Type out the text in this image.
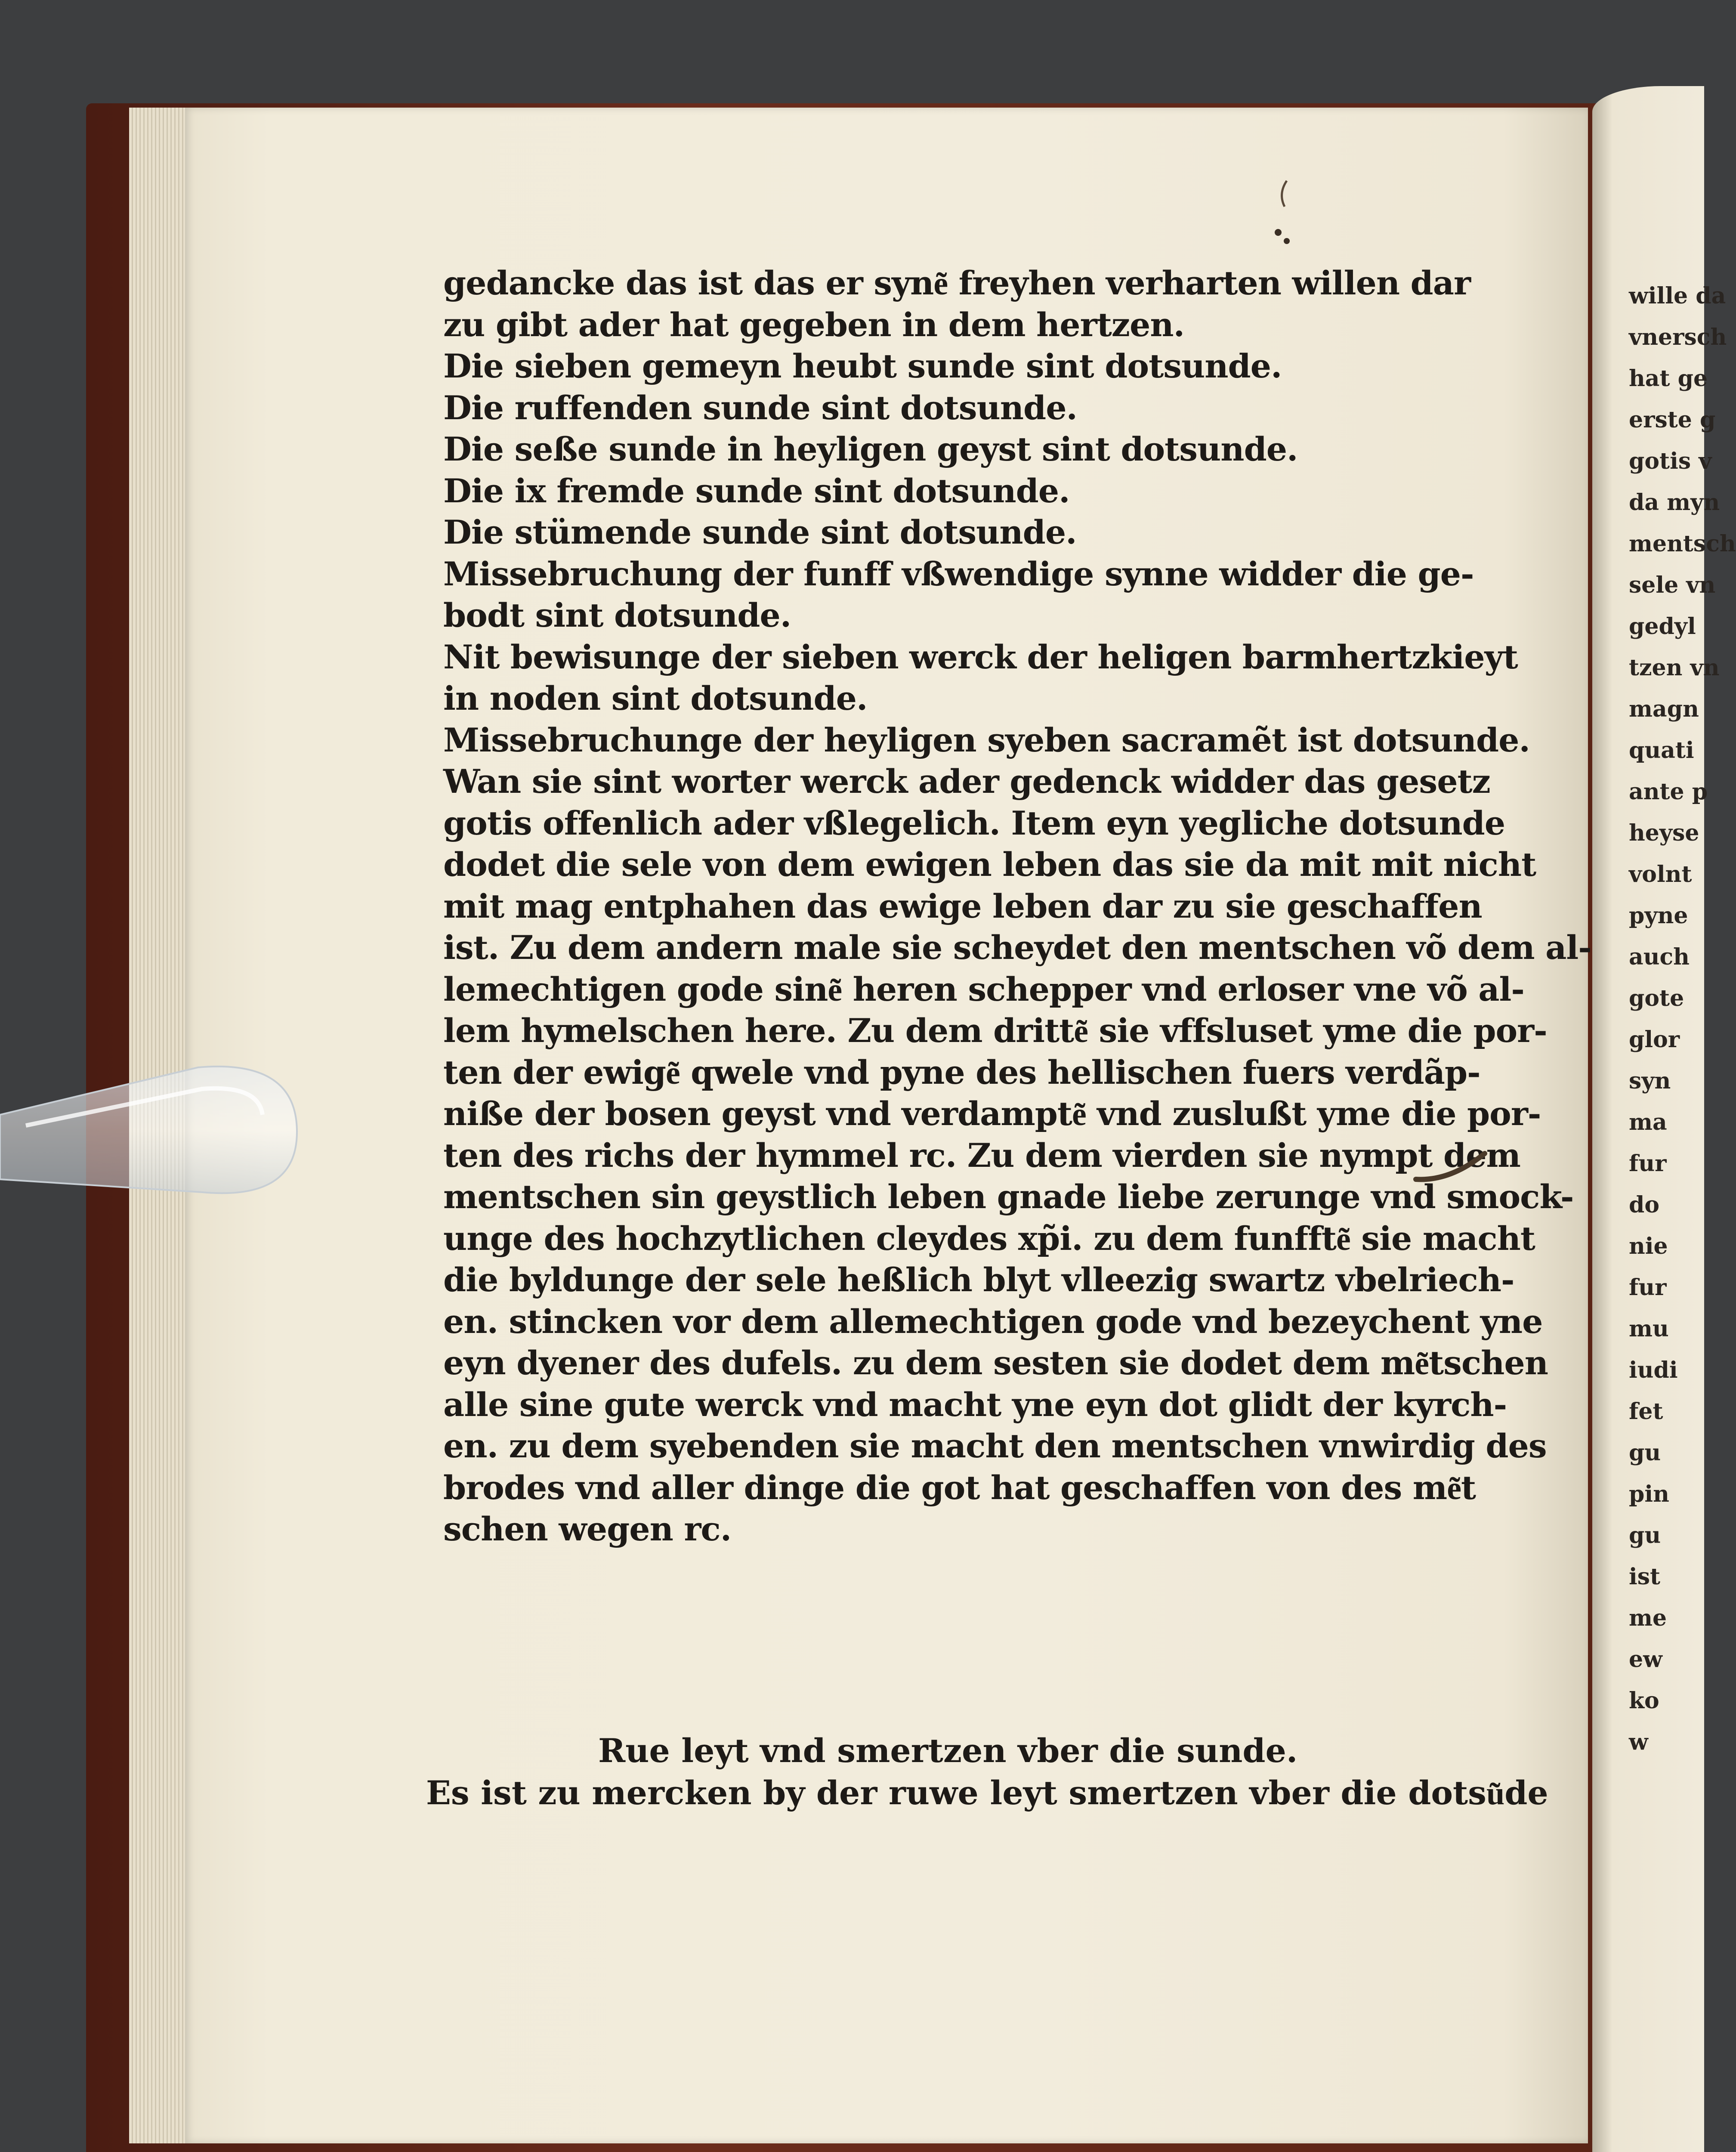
gedancke das ist das er syne͂ freyhen verharten willen dar
zu gibt ader hat gegeben in dem hertzen.
Die sieben gemeyn heubt sunde sint dotsunde.
Die ruffenden sunde sint dotsunde.
Die seße sunde in heyligen geyst sint dotsunde.
Die ix fremde sunde sint dotsunde.
Die stümende sunde sint dotsunde.
Missebruchung der funff vßwendige synne widder die ge-
bodt sint dotsunde.
Nit bewisunge der sieben werck der heligen barmhertzkieyt
in noden sint dotsunde.
Missebruchunge der heyligen syeben sacramẽt ist dotsunde.
Wan sie sint worter werck ader gedenck widder das gesetz
gotis offenlich ader vßlegelich. Item eyn yegliche dotsunde
dodet die sele von dem ewigen leben das sie da mit mit nicht
mit mag entphahen das ewige leben dar zu sie geschaffen
ist. Zu dem andern male sie scheydet den mentschen võ dem al-
lemechtigen gode sine͂ heren schepper vnd erloser vne võ al-
lem hymelschen here. Zu dem dritte͂ sie vffsluset yme die por-
ten der ewige͂ qwele vnd pyne des hellischen fuers verdãp-
niße der bosen geyst vnd verdampte͂ vnd zuslußt yme die por-
ten des richs der hymmel rc. Zu dem vierden sie nympt dem
mentschen sin geystlich leben gnade liebe zerunge vnd smock-
unge des hochzytlichen cleydes xp̃i. zu dem funffte͂ sie macht
die byldunge der sele heßlich blyt vlleezig swartz vbelriech-
en. stincken vor dem allemechtigen gode vnd bezeychent yne
eyn dyener des dufels. zu dem sesten sie dodet dem me͂tschen
alle sine gute werck vnd macht yne eyn dot glidt der kyrch-
en. zu dem syebenden sie macht den mentschen vnwirdig des
brodes vnd aller dinge die got hat geschaffen von des me͂t
schen wegen rc.
Rue leyt vnd smertzen vber die sunde.
Es ist zu mercken by der ruwe leyt smertzen vber die dotsu͂de
wille da
vnersch
hat ge
erste g
gotis v
da myn
mentsch
sele vn
gedyl
tzen vn
magn
quati
ante p
heyse
volnt
pyne
auch
gote
glor
syn
ma
fur
do
nie
fur
mu
iudi
fet
gu
pin
gu
ist
me
ew
ko
w
